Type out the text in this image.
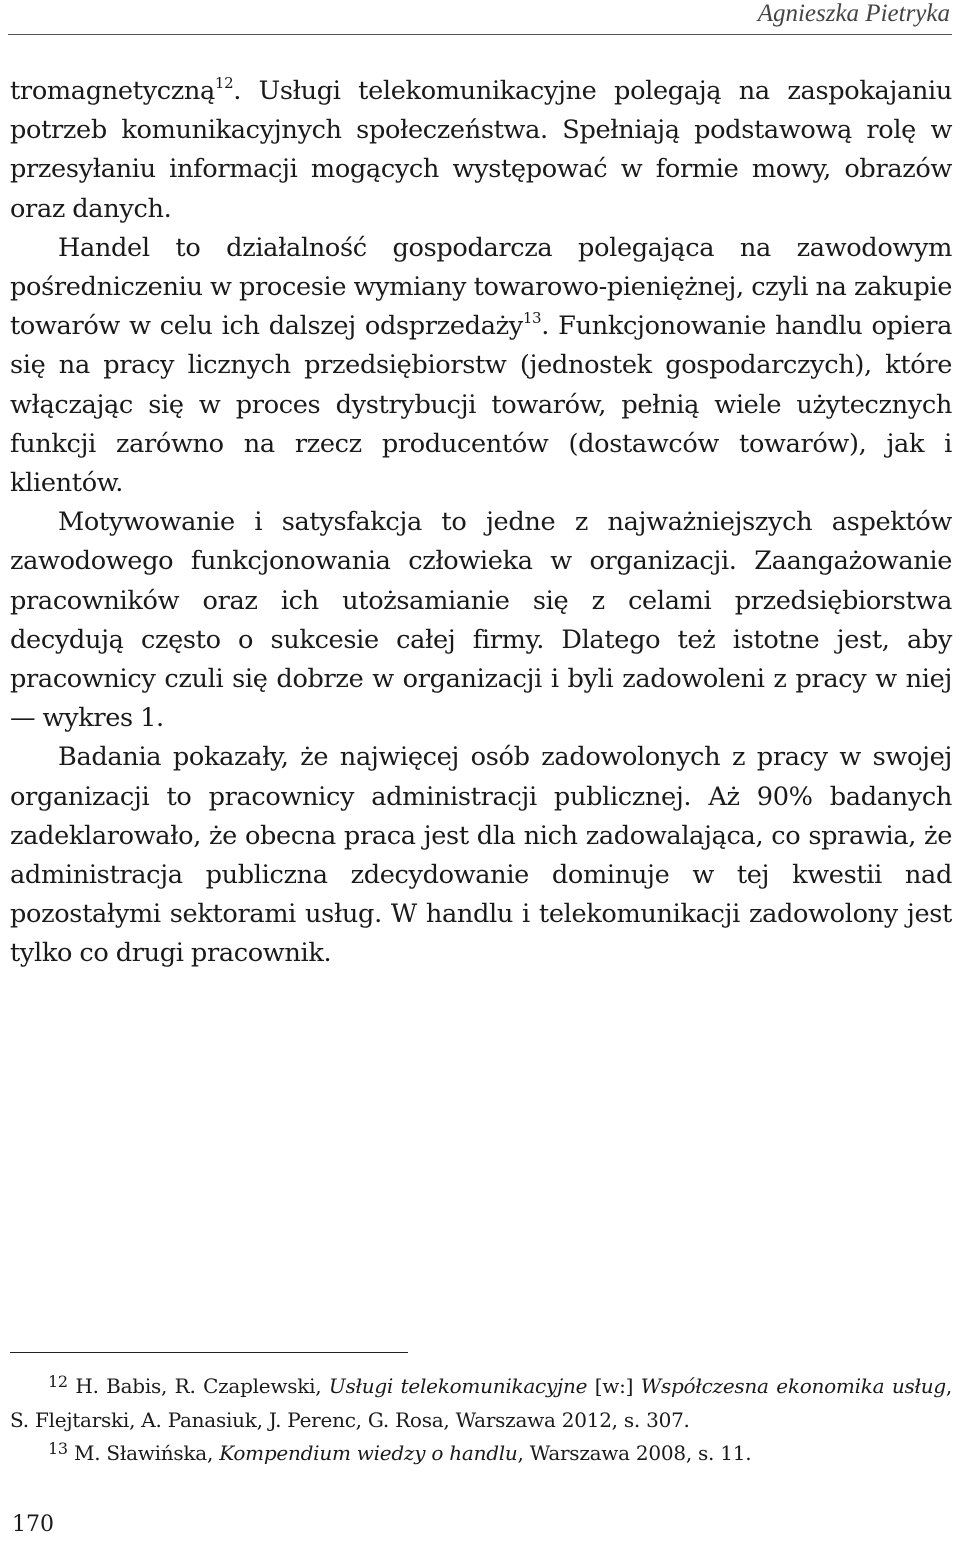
Agnieszka Pietryka

tromagnetyczną$^{12}$. Usługi telekomunikacyjne polegają na zaspokajaniu potrzeb komunikacyjnych społeczeństwa. Spełniają podstawową rolę w przesyłaniu informacji mogących występować w formie mowy, obrazów oraz danych.

Handel to działalność gospodarcza polegająca na zawodowym pośredniczeniu w procesie wymiany towarowo-pieniężnej, czyli na zakupie towarów w celu ich dalszej odsprzedaży$^{13}$. Funkcjonowanie handlu opiera się na pracy licznych przedsiębiorstw (jednostek gospodarczych), które włączając się w proces dystrybucji towarów, pełnią wiele użytecznych funkcji zarówno na rzecz producentów (dostawców towarów), jak i klientów.

Motywowanie i satysfakcja to jedne z najważniejszych aspektów zawodowego funkcjonowania człowieka w organizacji. Zaangażowanie pracowników oraz ich utożsamianie się z celami przedsiębiorstwa decydują często o sukcesie całej firmy. Dlatego też istotne jest, aby pracownicy czuli się dobrze w organizacji i byli zadowoleni z pracy w niej — wykres 1.

Badania pokazały, że najwięcej osób zadowolonych z pracy w swojej organizacji to pracownicy administracji publicznej. Aż 90% badanych zadeklarowało, że obecna praca jest dla nich zadowalająca, co sprawia, że administracja publiczna zdecydowanie dominuje w tej kwestii nad pozostałymi sektorami usług. W handlu i telekomunikacji zadowolony jest tylko co drugi pracownik.

$^{12}$ H. Babis, R. Czaplewski, Usługi telekomunikacyjne [w:] Współczesna ekonomika usług, S. Flejtarski, A. Panasiuk, J. Perenc, G. Rosa, Warszawa 2012, s. 307.

$^{13}$ M. Sławińska, Kompendium wiedzy o handlu, Warszawa 2008, s. 11.

170
